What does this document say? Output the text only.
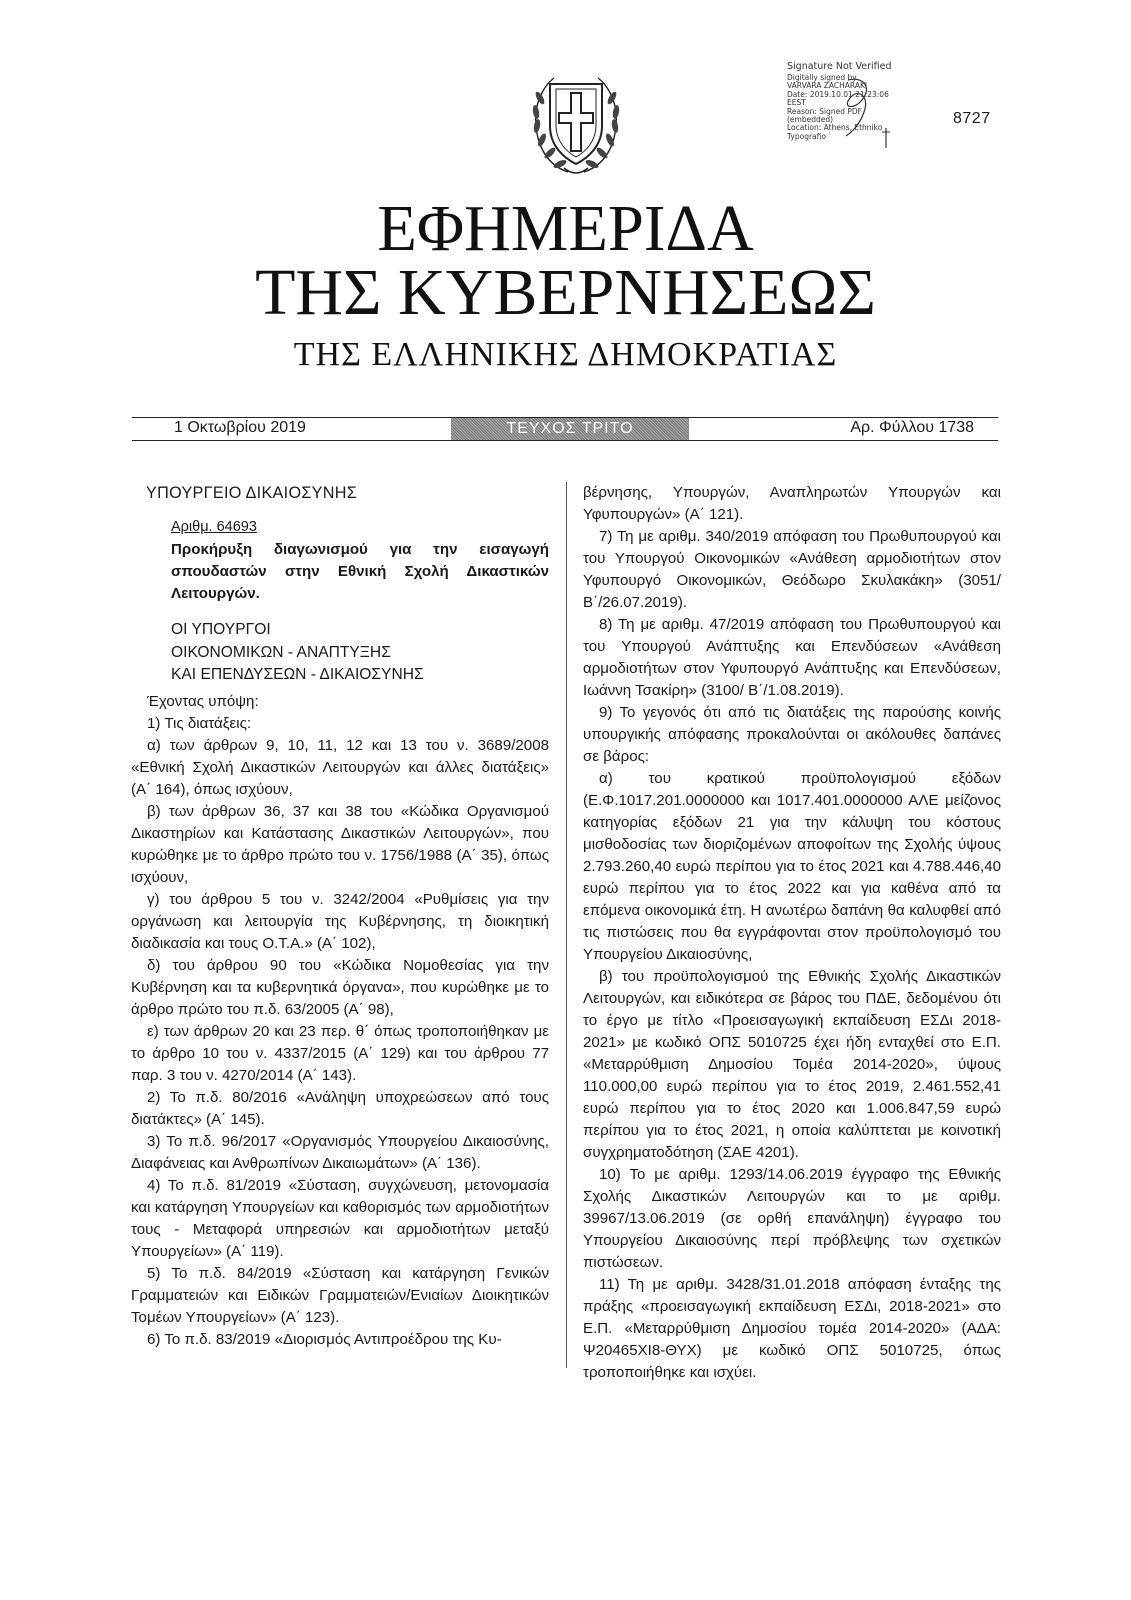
Signature Not Verified
Digitally signed by
VARVARA ZACHARAKI
Date: 2019.10.01 21:23:06
EEST
Reason: Signed PDF
(embedded)
Location: Athens, Ethniko
Typografio
8727
ΕΦΗΜΕΡΙΔΑ
ΤΗΣ ΚΥΒΕΡΝΗΣΕΩΣ
ΤΗΣ ΕΛΛΗΝΙΚΗΣ ΔΗΜΟΚΡΑΤΙΑΣ
1 Οκτωβρίου 2019	ΤΕΥΧΟΣ ΤΡΙΤΟ	Αρ. Φύλλου 1738

ΥΠΟΥΡΓΕΙΟ ΔΙΚΑΙΟΣΥΝΗΣ

Αριθμ. 64693

Προκήρυξη διαγωνισμού για την εισαγωγή σπουδαστών στην Εθνική Σχολή Δικαστικών Λειτουργών.

ΟΙ ΥΠΟΥΡΓΟΙ
ΟΙΚΟΝΟΜΙΚΩΝ - ΑΝΑΠΤΥΞΗΣ
ΚΑΙ ΕΠΕΝΔΥΣΕΩΝ - ΔΙΚΑΙΟΣΥΝΗΣ

Έχοντας υπόψη:

1) Τις διατάξεις:

α) των άρθρων 9, 10, 11, 12 και 13 του ν. 3689/2008 «Εθνική Σχολή Δικαστικών Λειτουργών και άλλες διατάξεις» (Α΄ 164), όπως ισχύουν,

β) των άρθρων 36, 37 και 38 του «Κώδικα Οργανισμού Δικαστηρίων και Κατάστασης Δικαστικών Λειτουργών», που κυρώθηκε με το άρθρο πρώτο του ν. 1756/1988 (Α΄ 35), όπως ισχύουν,

γ) του άρθρου 5 του ν. 3242/2004 «Ρυθμίσεις για την οργάνωση και λειτουργία της Κυβέρνησης, τη διοικητική διαδικασία και τους Ο.Τ.Α.» (Α΄ 102),

δ) του άρθρου 90 του «Κώδικα Νομοθεσίας για την Κυβέρνηση και τα κυβερνητικά όργανα», που κυρώθηκε με το άρθρο πρώτο του π.δ. 63/2005 (Α΄ 98),

ε) των άρθρων 20 και 23 περ. θ΄ όπως τροποποιήθηκαν με το άρθρο 10 του ν. 4337/2015 (Α΄ 129) και του άρθρου 77 παρ. 3 του ν. 4270/2014 (Α΄ 143).

2) Το π.δ. 80/2016 «Ανάληψη υποχρεώσεων από τους διατάκτες» (Α΄ 145).

3) Το π.δ. 96/2017 «Οργανισμός Υπουργείου Δικαιοσύνης, Διαφάνειας και Ανθρωπίνων Δικαιωμάτων» (Α΄ 136).

4) Το π.δ. 81/2019 «Σύσταση, συγχώνευση, μετονομασία και κατάργηση Υπουργείων και καθορισμός των αρμοδιοτήτων τους - Μεταφορά υπηρεσιών και αρμοδιοτήτων μεταξύ Υπουργείων» (Α΄ 119).

5) Το π.δ. 84/2019 «Σύσταση και κατάργηση Γενικών Γραμματειών και Ειδικών Γραμματειών/Ενιαίων Διοικητικών Τομέων Υπουργείων» (Α΄ 123).

6) Το π.δ. 83/2019 «Διορισμός Αντιπροέδρου της Κυ-

βέρνησης, Υπουργών, Αναπληρωτών Υπουργών και Υφυπουργών» (Α΄ 121).

7) Τη με αριθμ. 340/2019 απόφαση του Πρωθυπουργού και του Υπουργού Οικονομικών «Ανάθεση αρμοδιοτήτων στον Υφυπουργό Οικονομικών, Θεόδωρο Σκυλακάκη» (3051/Β΄/26.07.2019).

8) Τη με αριθμ. 47/2019 απόφαση του Πρωθυπουργού και του Υπουργού Ανάπτυξης και Επενδύσεων «Ανάθεση αρμοδιοτήτων στον Υφυπουργό Ανάπτυξης και Επενδύσεων, Ιωάννη Τσακίρη» (3100/ Β΄/1.08.2019).

9) Το γεγονός ότι από τις διατάξεις της παρούσης κοινής υπουργικής απόφασης προκαλούνται οι ακόλουθες δαπάνες σε βάρος:

α) του κρατικού προϋπολογισμού εξόδων (Ε.Φ.1017.201.0000000 και 1017.401.0000000 ΑΛΕ μείζονος κατηγορίας εξόδων 21 για την κάλυψη του κόστους μισθοδοσίας των διοριζομένων αποφοίτων της Σχολής ύψους 2.793.260,40 ευρώ περίπου για το έτος 2021 και 4.788.446,40 ευρώ περίπου για το έτος 2022 και για καθένα από τα επόμενα οικονομικά έτη. Η ανωτέρω δαπάνη θα καλυφθεί από τις πιστώσεις που θα εγγράφονται στον προϋπολογισμό του Υπουργείου Δικαιοσύνης,

β) του προϋπολογισμού της Εθνικής Σχολής Δικαστικών Λειτουργών, και ειδικότερα σε βάρος του ΠΔΕ, δεδομένου ότι το έργο με τίτλο «Προεισαγωγική εκπαίδευση ΕΣΔι 2018-2021» με κωδικό ΟΠΣ 5010725 έχει ήδη ενταχθεί στο Ε.Π. «Μεταρρύθμιση Δημοσίου Τομέα 2014-2020», ύψους 110.000,00 ευρώ περίπου για το έτος 2019, 2.461.552,41 ευρώ περίπου για το έτος 2020 και 1.006.847,59 ευρώ περίπου για το έτος 2021, η οποία καλύπτεται με κοινοτική συγχρηματοδότηση (ΣΑΕ 4201).

10) Το με αριθμ. 1293/14.06.2019 έγγραφο της Εθνικής Σχολής Δικαστικών Λειτουργών και το με αριθμ. 39967/13.06.2019 (σε ορθή επανάληψη) έγγραφο του Υπουργείου Δικαιοσύνης περί πρόβλεψης των σχετικών πιστώσεων.

11) Τη με αριθμ. 3428/31.01.2018 απόφαση ένταξης της πράξης «προεισαγωγική εκπαίδευση ΕΣΔι, 2018-2021» στο Ε.Π. «Μεταρρύθμιση Δημοσίου τομέα 2014-2020» (ΑΔΑ: Ψ20465ΧΙ8-ΘΥΧ) με κωδικό ΟΠΣ 5010725, όπως τροποποιήθηκε και ισχύει.
